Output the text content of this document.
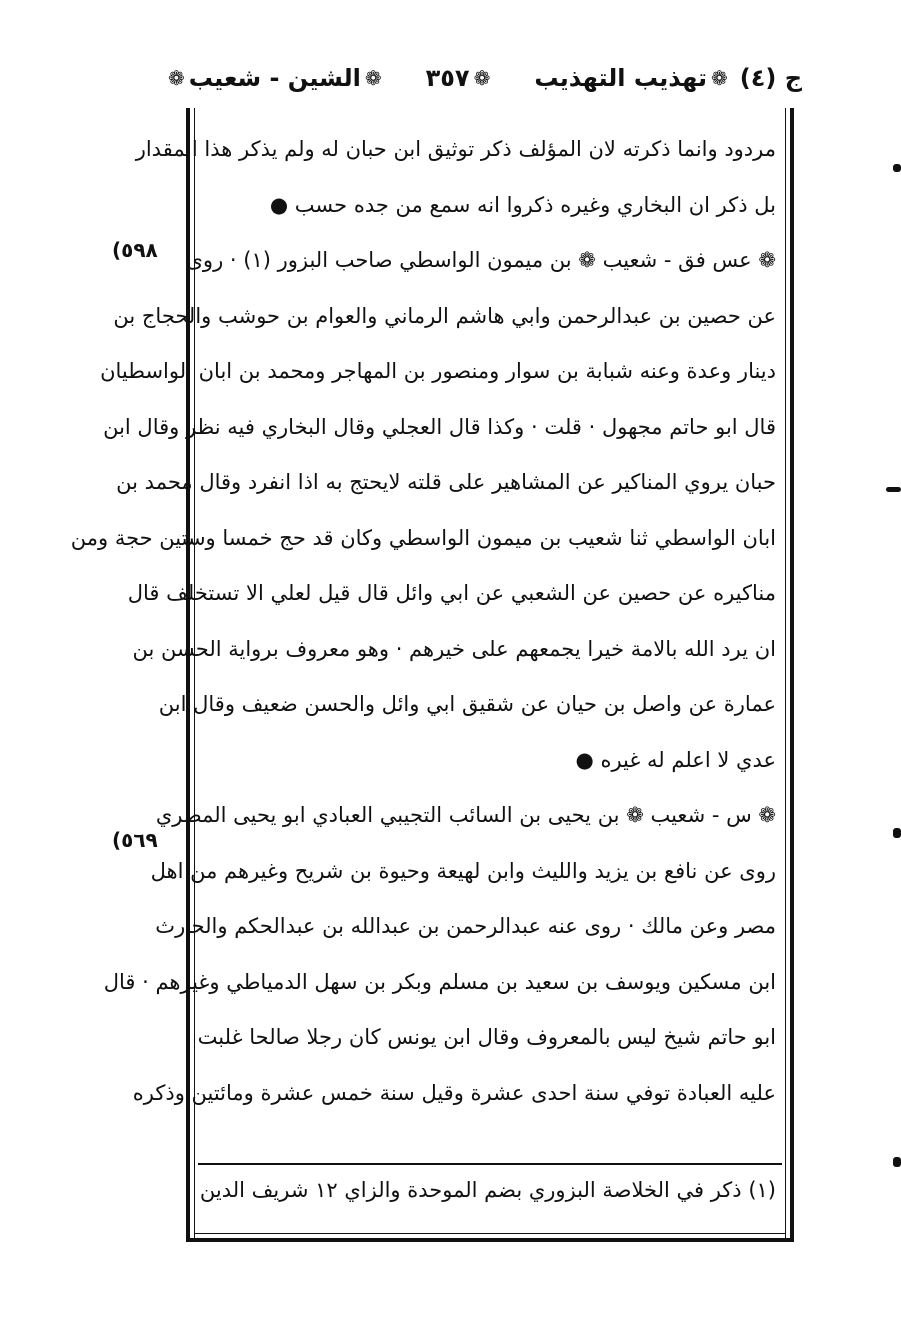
ج (٤)
❁
تهذيب التهذيب
❁
٣٥٧
❁
الشين - شعيب
❁
مردود وانما ذكرته لان المؤلف ذكر توثيق ابن حبان له ولم يذكر هذا المقدار
بل ذكر ان البخاري وغيره ذكروا انه سمع من جده حسب ●
❁ عس فق - شعيب ❁ بن ميمون الواسطي صاحب البزور (١) · روى
عن حصين بن عبدالرحمن وابي هاشم الرماني والعوام بن حوشب والحجاج بن
دينار وعدة وعنه شبابة بن سوار ومنصور بن المهاجر ومحمد بن ابان الواسطيان
قال ابو حاتم مجهول · قلت · وكذا قال العجلي وقال البخاري فيه نظر وقال ابن
حبان يروي المناكير عن المشاهير على قلته لايحتج به اذا انفرد وقال محمد بن
ابان الواسطي ثنا شعيب بن ميمون الواسطي وكان قد حج خمسا وستين حجة ومن
مناكيره عن حصين عن الشعبي عن ابي وائل قال قيل لعلي الا تستخلف قال
ان يرد الله بالامة خيرا يجمعهم على خيرهم · وهو معروف برواية الحسن بن
عمارة عن واصل بن حيان عن شقيق ابي وائل والحسن ضعيف وقال ابن
عدي لا اعلم له غيره ●
❁ س - شعيب ❁ بن يحيى بن السائب التجيبي العبادي ابو يحيى المصري
روى عن نافع بن يزيد والليث وابن لهيعة وحيوة بن شريح وغيرهم من اهل
مصر وعن مالك · روى عنه عبدالرحمن بن عبدالله بن عبدالحكم والحارث
ابن مسكين ويوسف بن سعيد بن مسلم وبكر بن سهل الدمياطي وغيرهم · قال
ابو حاتم شيخ ليس بالمعروف وقال ابن يونس كان رجلا صالحا غلبت
عليه العبادة توفي سنة احدى عشرة وقيل سنة خمس عشرة ومائتين وذكره
(١) ذكر في الخلاصة البزوري بضم الموحدة والزاي ١٢ شريف الدين
(٥٩٨
(٥٦٩
